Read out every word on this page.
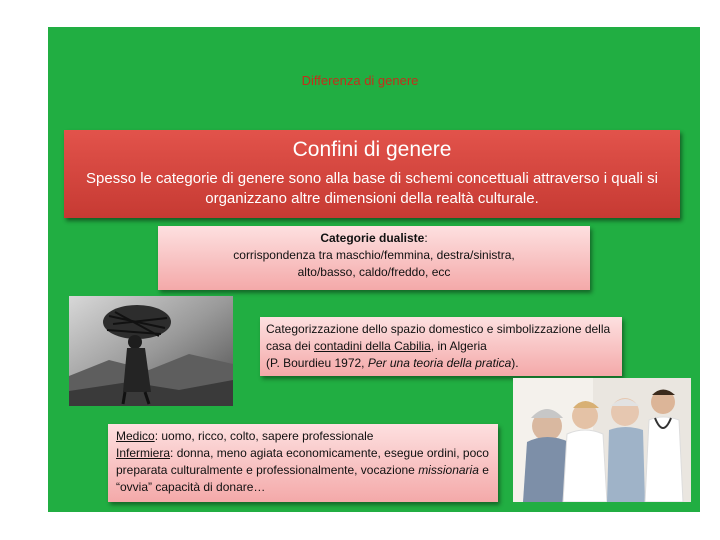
Differenza di genere
Confini di genere
Spesso le categorie di genere sono alla base di schemi concettuali attraverso i quali si organizzano altre dimensioni della realtà culturale.
Categorie dualiste:
corrispondenza tra maschio/femmina, destra/sinistra,
alto/basso, caldo/freddo, ecc
Categorizzazione dello spazio domestico e simbolizzazione della casa dei contadini della Cabilia, in Algeria
(P. Bourdieu 1972, Per una teoria della pratica).
Medico: uomo, ricco, colto, sapere professionale
Infermiera: donna, meno agiata economicamente, esegue ordini, poco preparata culturalmente e professionalmente, vocazione missionaria e “ovvia” capacità di donare…
